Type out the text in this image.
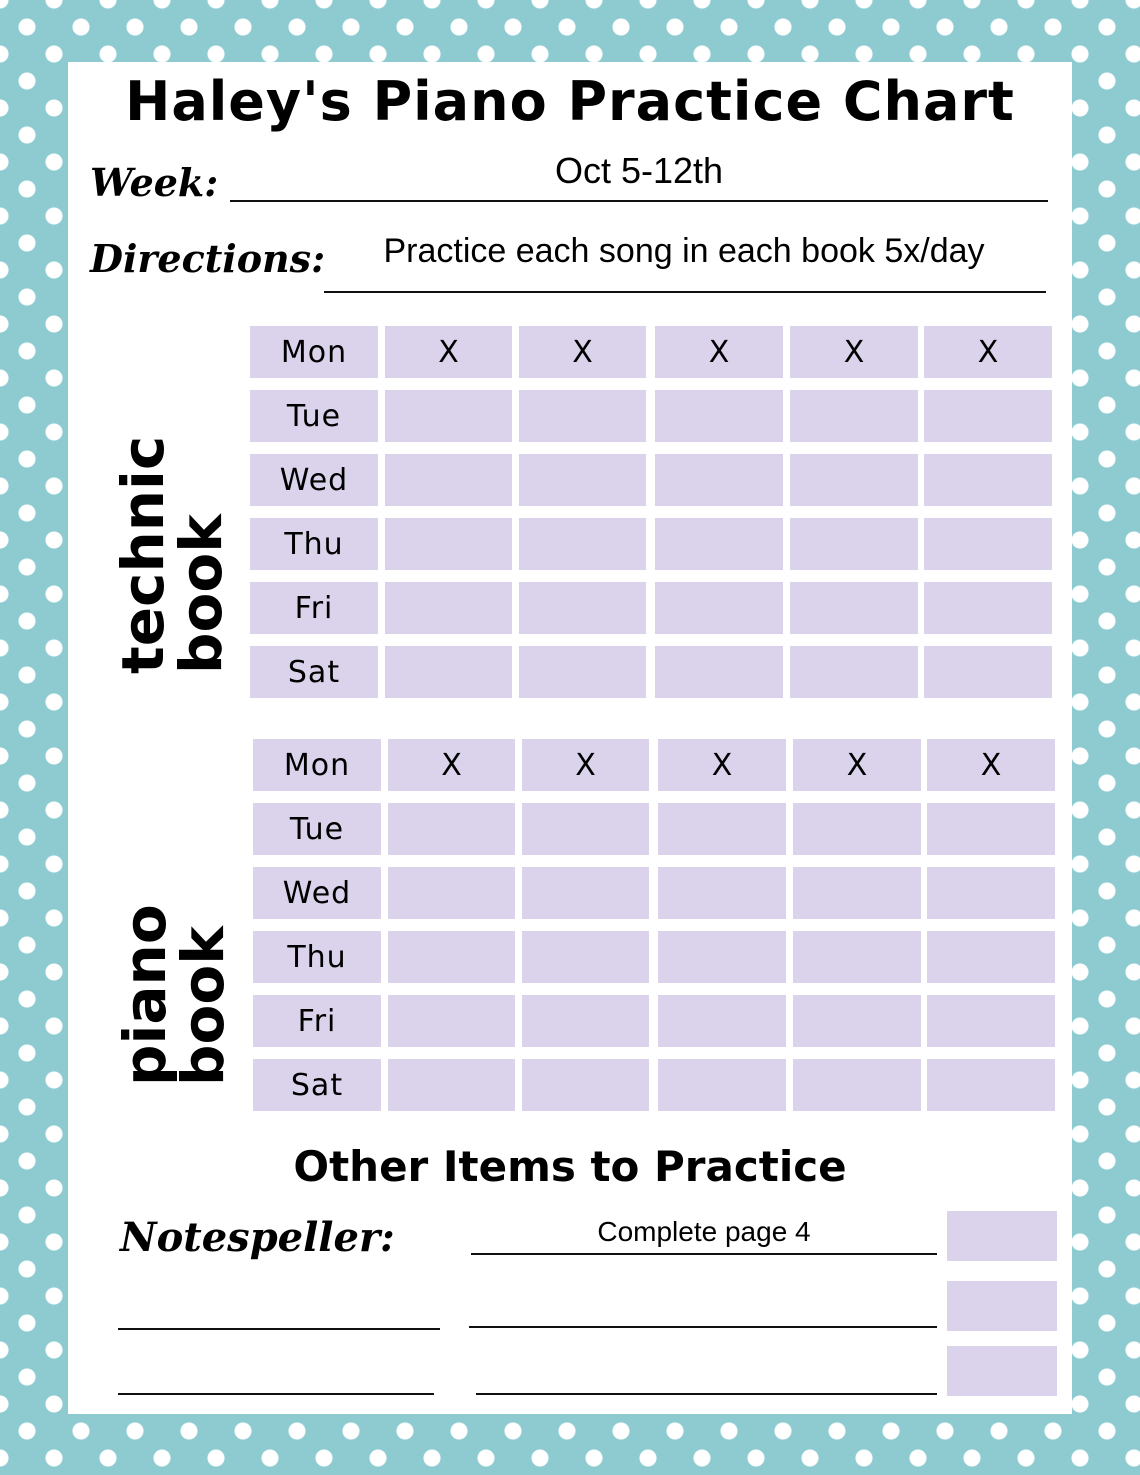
Haley's Piano Practice Chart
Week:	Oct 5-12th
Directions:	Practice each song in each book 5x/day
technic
book
Mon	X	X	X	X	X
Tue
Wed
Thu
Fri
Sat
piano
book
Mon	X	X	X	X	X
Tue
Wed
Thu
Fri
Sat
Other Items to Practice
Notespeller:	Complete page 4
